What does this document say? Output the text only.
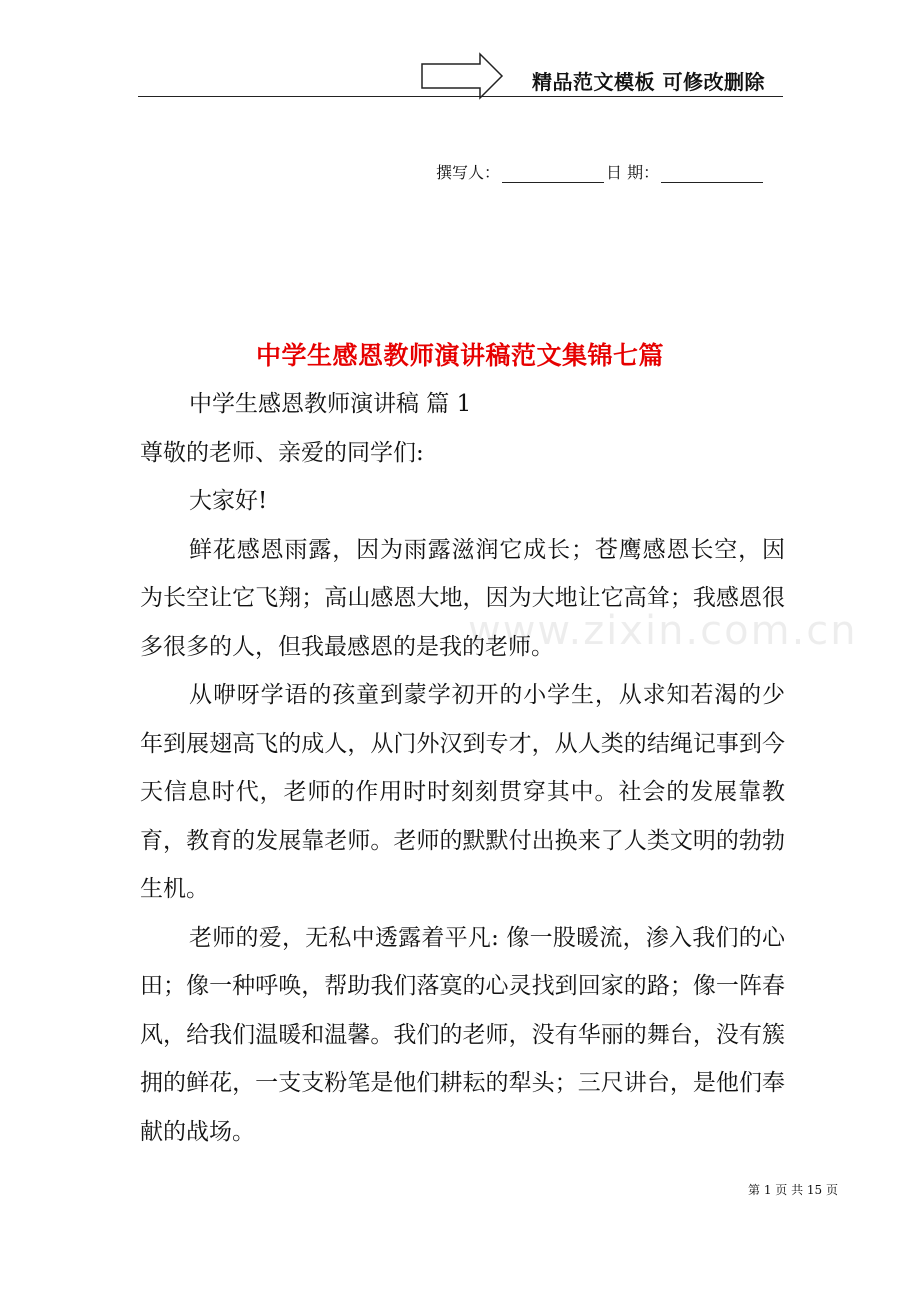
精品范文模板 可修改删除
撰写人：	日 期：
中学生感恩教师演讲稿范文集锦七篇
www.zixin.com.cn

中学生感恩教师演讲稿 篇 1

尊敬的老师、亲爱的同学们:

大家好!

鲜花感恩雨露，因为雨露滋润它成长；苍鹰感恩长空，因为长空让它飞翔；高山感恩大地，因为大地让它高耸；我感恩很多很多的人，但我最感恩的是我的老师。

从咿呀学语的孩童到蒙学初开的小学生，从求知若渴的少年到展翅高飞的成人，从门外汉到专才，从人类的结绳记事到今天信息时代，老师的作用时时刻刻贯穿其中。社会的发展靠教育，教育的发展靠老师。老师的默默付出换来了人类文明的勃勃生机。

老师的爱，无私中透露着平凡: 像一股暖流，渗入我们的心田；像一种呼唤，帮助我们落寞的心灵找到回家的路；像一阵春风，给我们温暖和温馨。我们的老师，没有华丽的舞台，没有簇拥的鲜花，一支支粉笔是他们耕耘的犁头；三尺讲台，是他们奉献的战场。

第 1 页 共 15 页
